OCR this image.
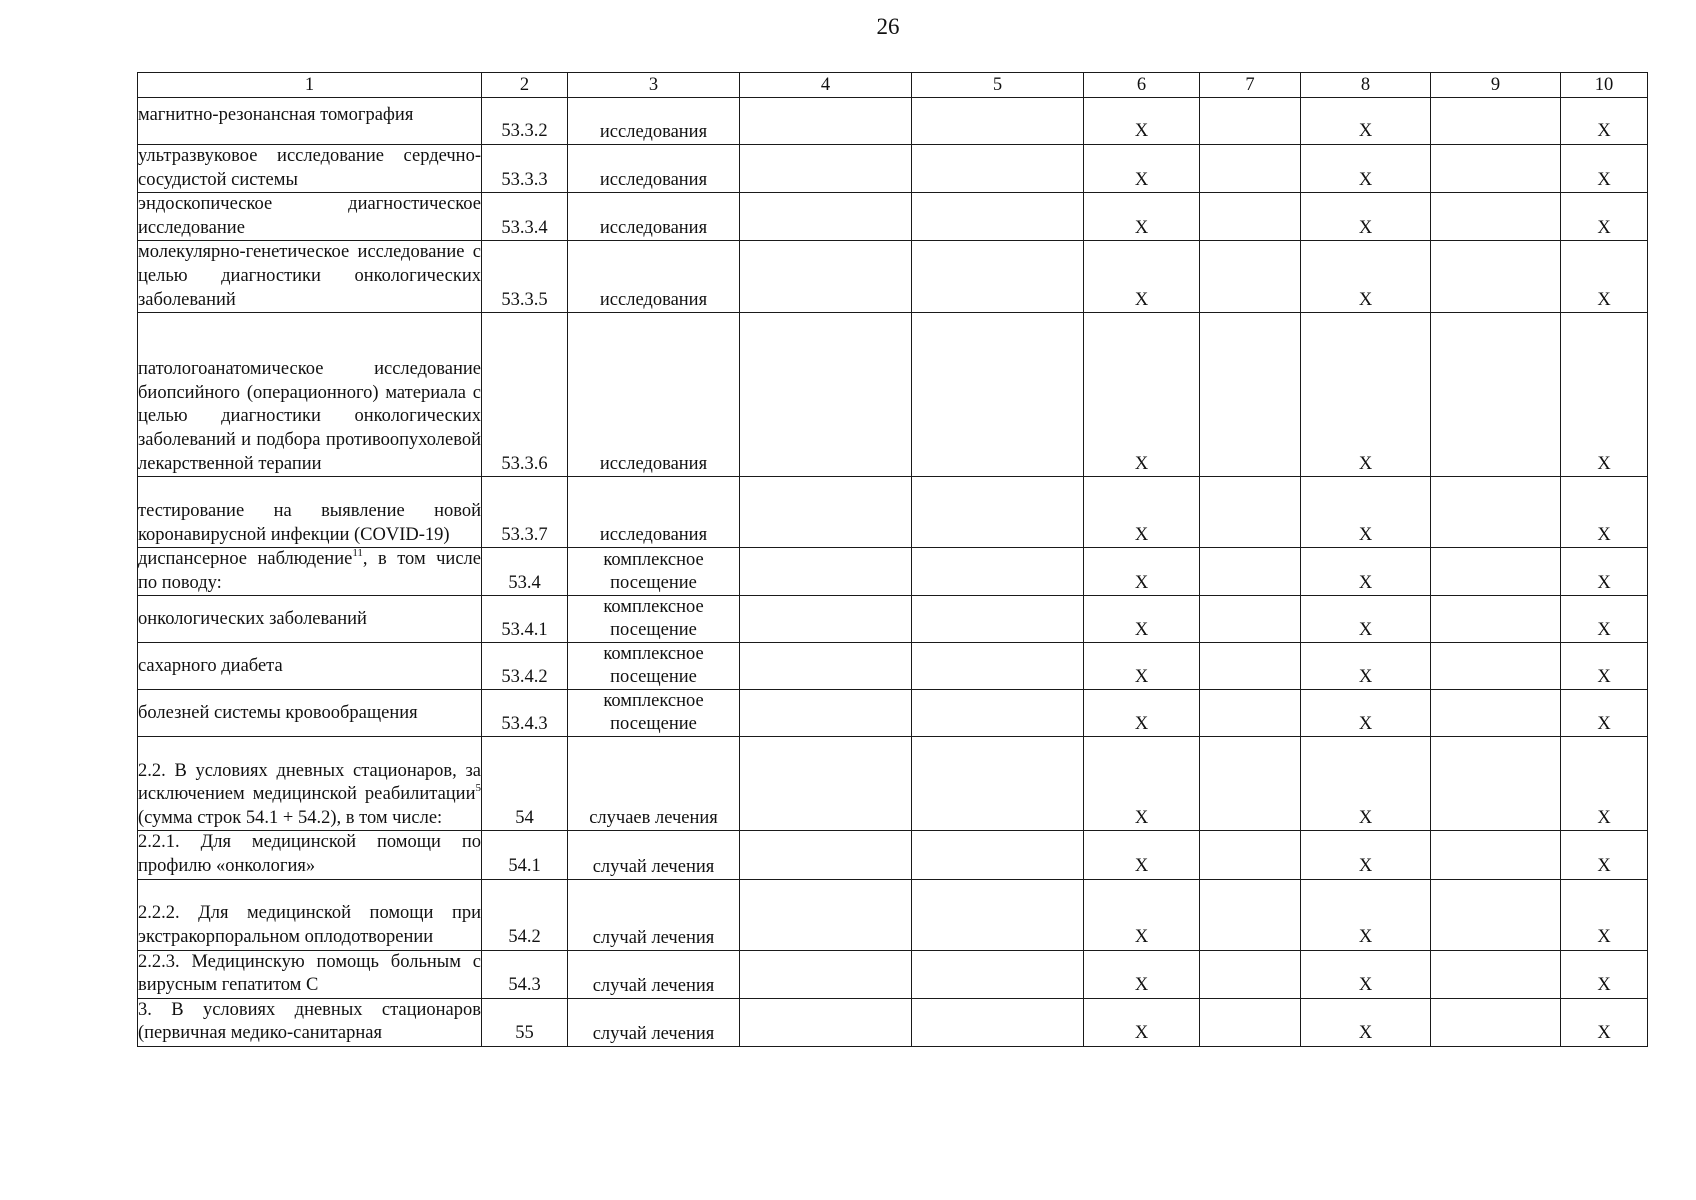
26
1	2	3	4	5	6	7	8	9	10
магнитно-резонансная томография	53.3.2	исследования			X		X		X
ультразвуковое исследование сердечно-сосудистой системы	53.3.3	исследования			X		X		X
эндоскопическое диагностическое исследование	53.3.4	исследования			X		X		X
молекулярно-генетическое исследование с целью диагностики онкологических заболеваний	53.3.5	исследования			X		X		X
патологоанатомическое исследование биопсийного (операционного) материала с целью диагностики онкологических заболеваний и подбора противоопухолевой лекарственной терапии	53.3.6	исследования			X		X		X
тестирование на выявление новой коронавирусной инфекции (COVID-19)	53.3.7	исследования			X		X		X
диспансерное наблюдение$^{11}$, в том числе по поводу:	53.4	комплексное посещение			X		X		X
онкологических заболеваний	53.4.1	комплексное посещение			X		X		X
сахарного диабета	53.4.2	комплексное посещение			X		X		X
болезней системы кровообращения	53.4.3	комплексное посещение			X		X		X
2.2. В условиях дневных стационаров, за исключением медицинской реабилитации$^5$ (сумма строк 54.1 + 54.2), в том числе:	54	случаев лечения			X		X		X
2.2.1. Для медицинской помощи по профилю «онкология»	54.1	случай лечения			X		X		X
2.2.2. Для медицинской помощи при экстракорпоральном оплодотворении	54.2	случай лечения			X		X		X
2.2.3. Медицинскую помощь больным с вирусным гепатитом С	54.3	случай лечения			X		X		X
3. В условиях дневных стационаров (первичная медико-санитарная	55	случай лечения			X		X		X
